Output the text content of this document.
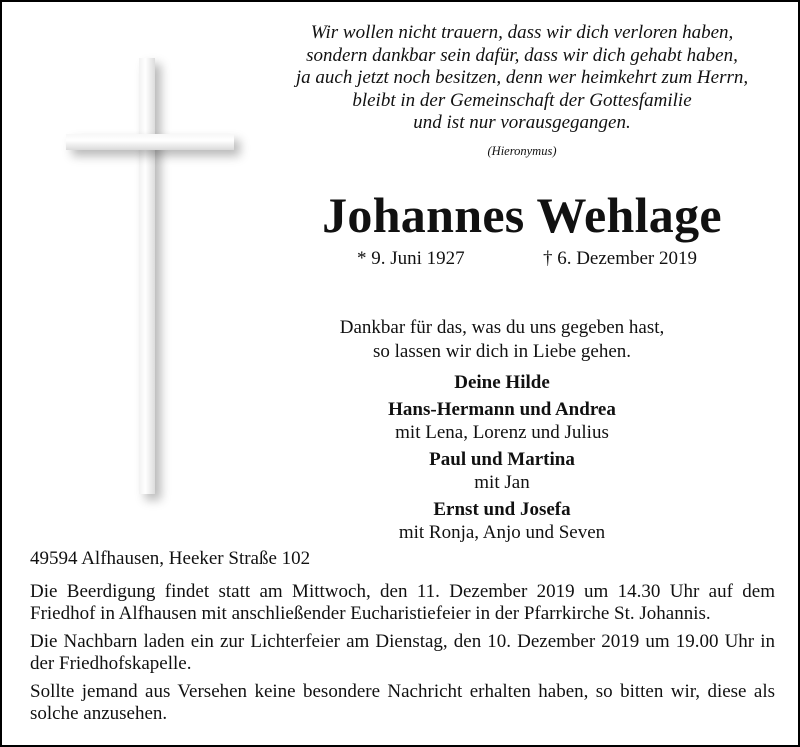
Wir wollen nicht trauern, dass wir dich verloren haben,
sondern dankbar sein dafür, dass wir dich gehabt haben,
ja auch jetzt noch besitzen, denn wer heimkehrt zum Herrn,
bleibt in der Gemeinschaft der Gottesfamilie
und ist nur vorausgegangen.
(Hieronymus)
Johannes Wehlage
* 9. Juni 1927	† 6. Dezember 2019
Dankbar für das, was du uns gegeben hast,
so lassen wir dich in Liebe gehen.
Deine Hilde
Hans-Hermann und Andrea
mit Lena, Lorenz und Julius
Paul und Martina
mit Jan
Ernst und Josefa
mit Ronja, Anjo und Seven
49594 Alfhausen, Heeker Straße 102

Die Beerdigung findet statt am Mittwoch, den 11. Dezember 2019 um 14.30 Uhr auf dem Friedhof in Alfhausen mit anschließender Eucharistiefeier in der Pfarrkirche St. Johannis.

Die Nachbarn laden ein zur Lichterfeier am Dienstag, den 10. Dezember 2019 um 19.00 Uhr in der Friedhofskapelle.

Sollte jemand aus Versehen keine besondere Nachricht erhalten haben, so bitten wir, diese als solche anzusehen.
